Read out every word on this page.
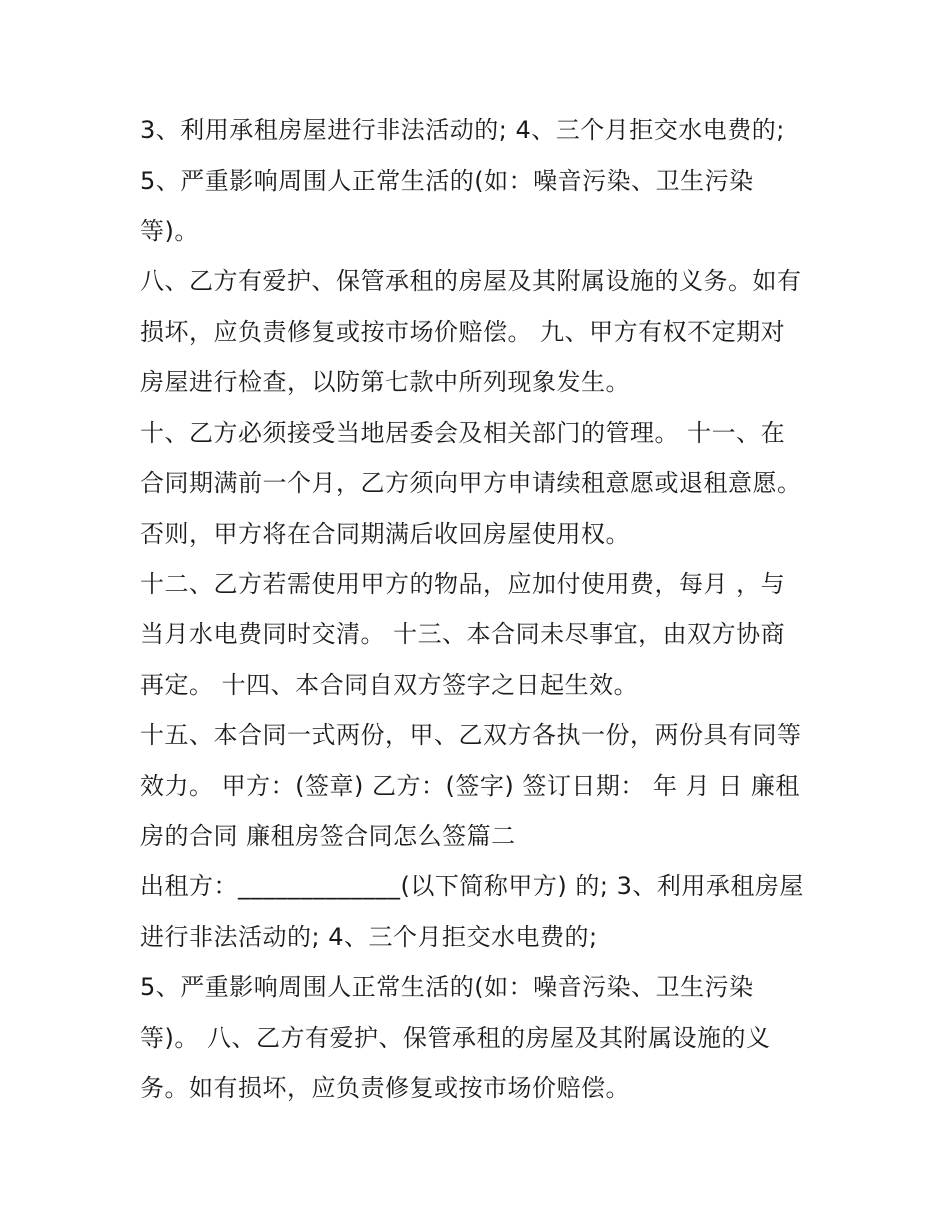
3、利用承租房屋进行非法活动的; 4、三个月拒交水电费的;
5、严重影响周围人正常生活的(如：噪音污染、卫生污染
等)。
八、乙方有爱护、保管承租的房屋及其附属设施的义务。如有
损坏，应负责修复或按市场价赔偿。 九、甲方有权不定期对
房屋进行检查，以防第七款中所列现象发生。
十、乙方必须接受当地居委会及相关部门的管理。 十一、在
合同期满前一个月，乙方须向甲方申请续租意愿或退租意愿。
否则，甲方将在合同期满后收回房屋使用权。
十二、乙方若需使用甲方的物品，应加付使用费，每月 ，与
当月水电费同时交清。 十三、本合同未尽事宜，由双方协商
再定。 十四、本合同自双方签字之日起生效。
十五、本合同一式两份，甲、乙双方各执一份，两份具有同等
效力。 甲方：(签章) 乙方：(签字) 签订日期： 年 月 日 廉租
房的合同 廉租房签合同怎么签篇二
出租方：_____________(以下简称甲方) 的; 3、利用承租房屋
进行非法活动的; 4、三个月拒交水电费的;
5、严重影响周围人正常生活的(如：噪音污染、卫生污染
等)。 八、乙方有爱护、保管承租的房屋及其附属设施的义
务。如有损坏，应负责修复或按市场价赔偿。
